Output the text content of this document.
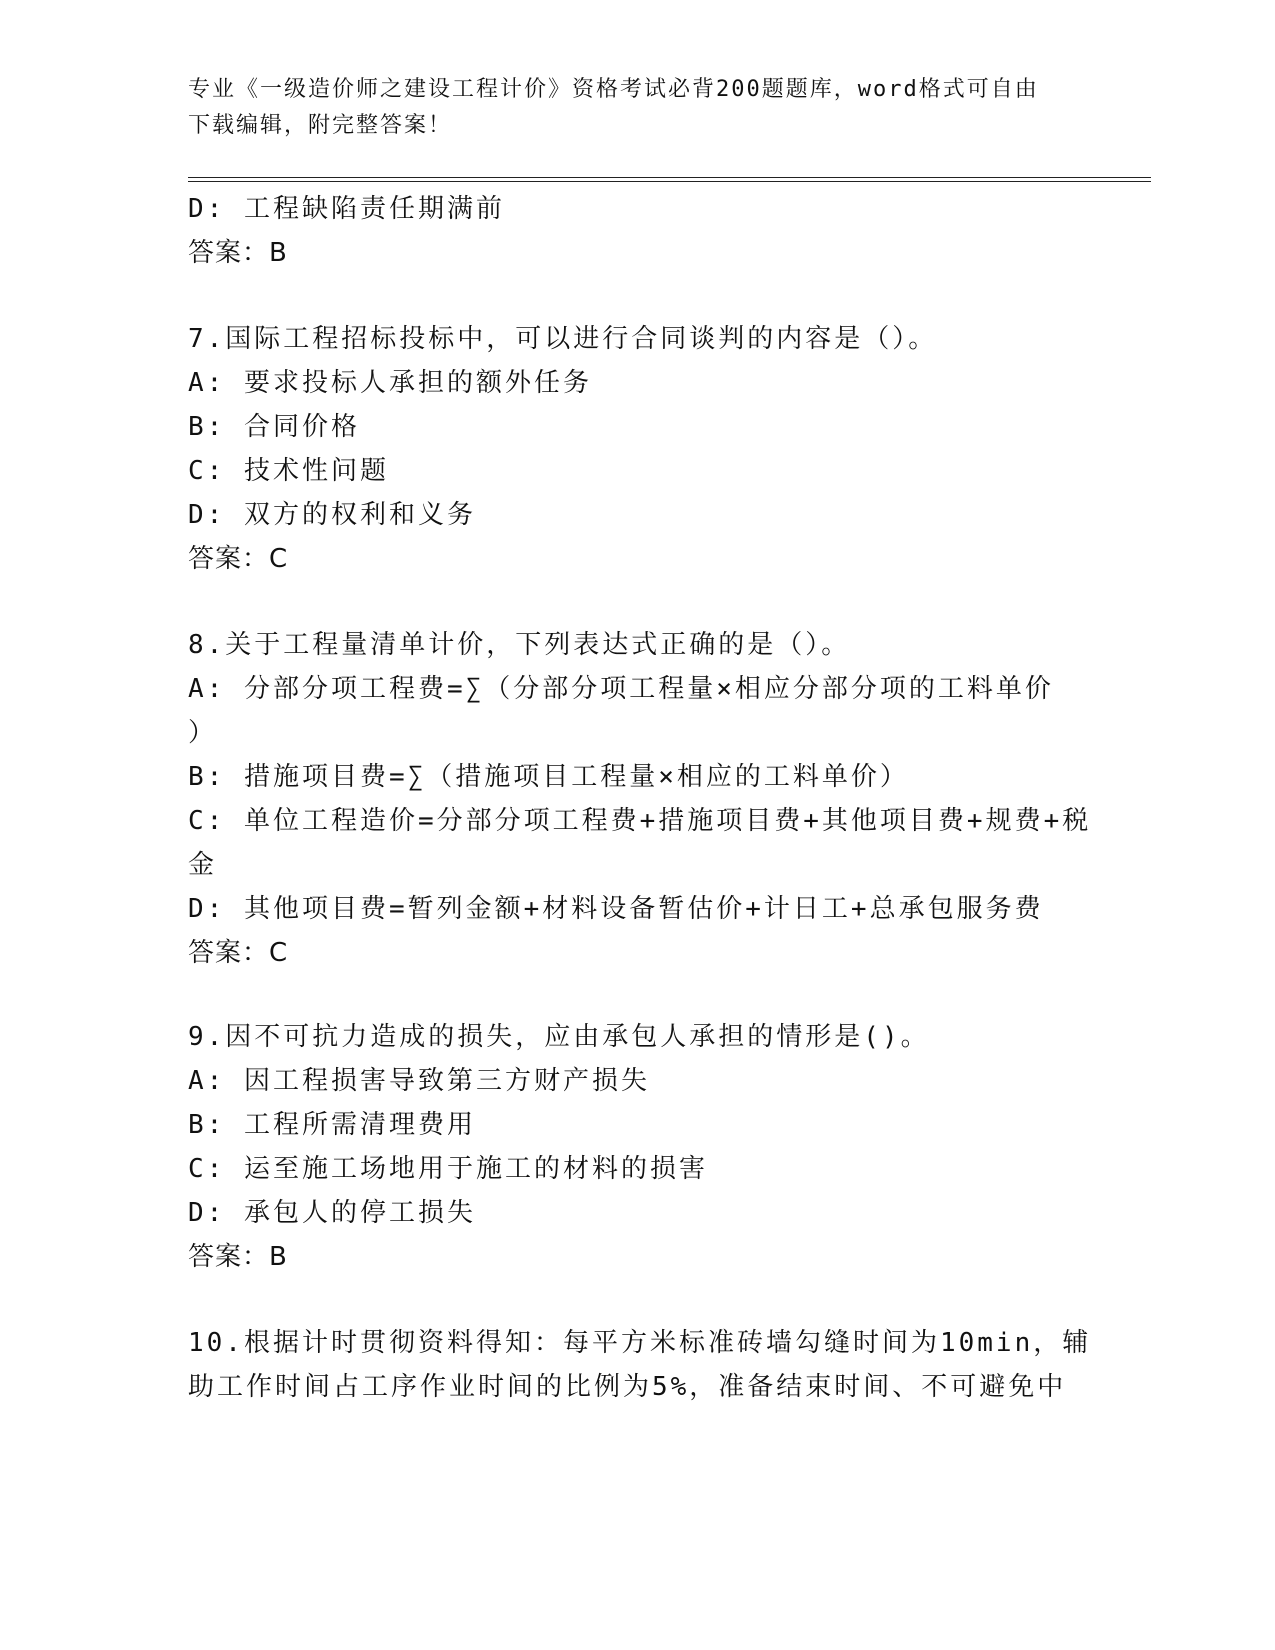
专业《一级造价师之建设工程计价》资格考试必背200题题库，word格式可自由
下载编辑，附完整答案！
D: 工程缺陷责任期满前
答案：B
7.国际工程招标投标中，可以进行合同谈判的内容是（）。
A: 要求投标人承担的额外任务
B: 合同价格
C: 技术性问题
D: 双方的权利和义务
答案：C
8.关于工程量清单计价，下列表达式正确的是（）。
A: 分部分项工程费=∑（分部分项工程量×相应分部分项的工料单价
）
B: 措施项目费=∑（措施项目工程量×相应的工料单价）
C: 单位工程造价=分部分项工程费+措施项目费+其他项目费+规费+税
金
D: 其他项目费=暂列金额+材料设备暂估价+计日工+总承包服务费
答案：C
9.因不可抗力造成的损失，应由承包人承担的情形是()。
A: 因工程损害导致第三方财产损失
B: 工程所需清理费用
C: 运至施工场地用于施工的材料的损害
D: 承包人的停工损失
答案：B
10.根据计时贯彻资料得知：每平方米标准砖墙勾缝时间为10min，辅
助工作时间占工序作业时间的比例为5%，准备结束时间、不可避免中
